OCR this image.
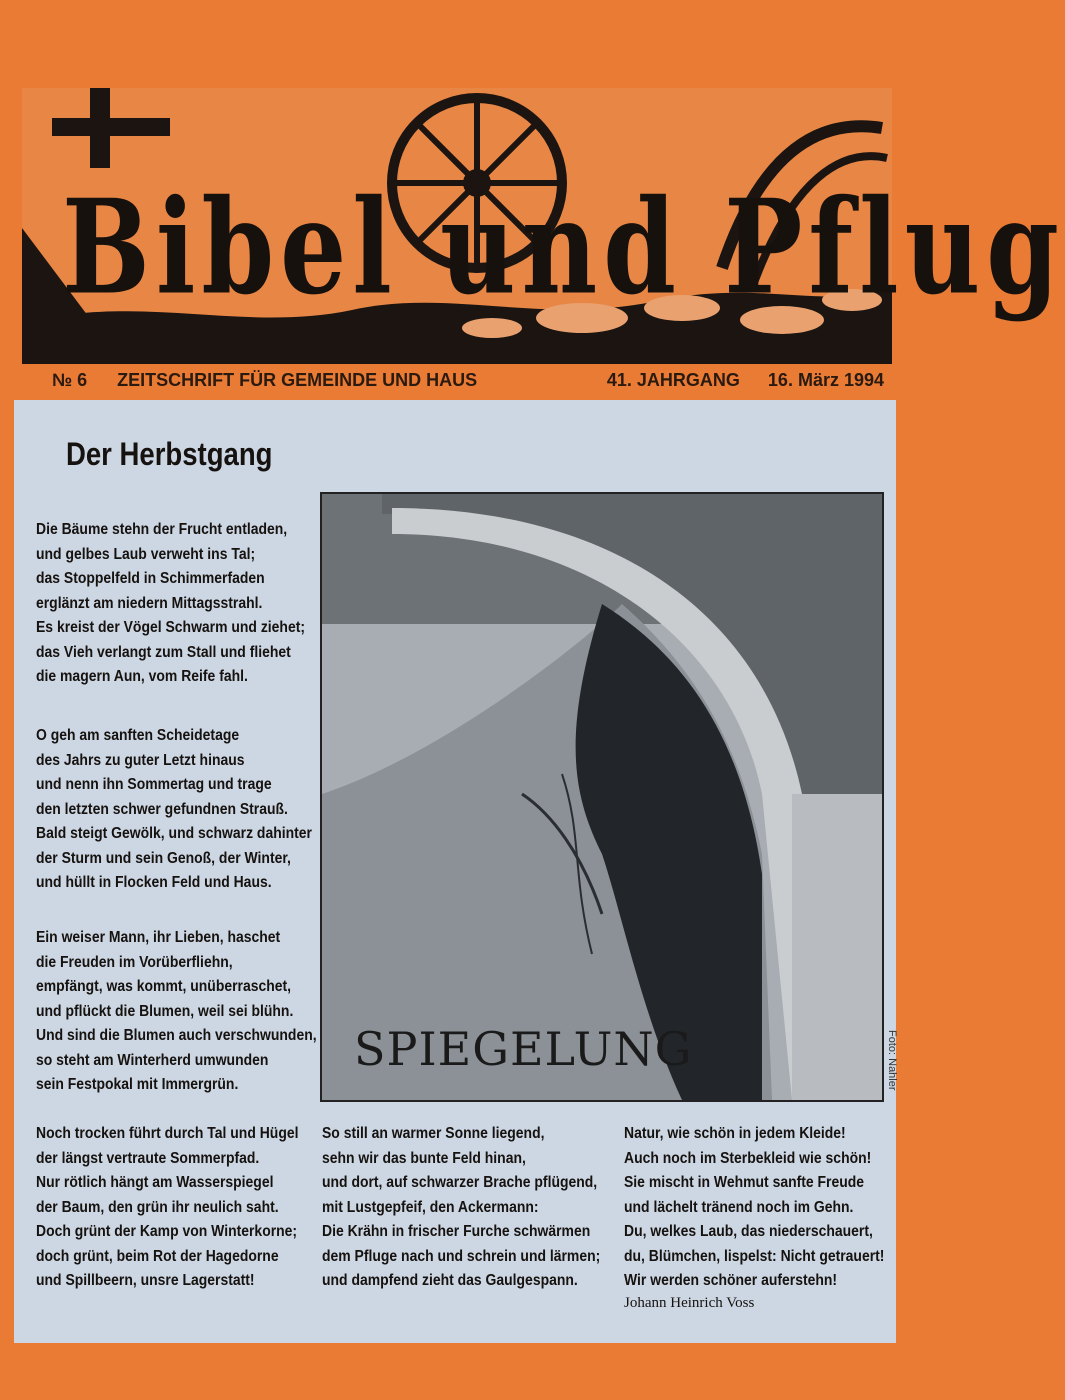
Bibel und Pflug
№ 6 ZEITSCHRIFT FÜR GEMEINDE UND HAUS	41. JAHRGANG 16. März 1994
Der Herbstgang
Die Bäume stehn der Frucht entladen,
und gelbes Laub verweht ins Tal;
das Stoppelfeld in Schimmerfaden
erglänzt am niedern Mittagsstrahl.
Es kreist der Vögel Schwarm und ziehet;
das Vieh verlangt zum Stall und fliehet
die magern Aun, vom Reife fahl.
O geh am sanften Scheidetage
des Jahrs zu guter Letzt hinaus
und nenn ihn Sommertag und trage
den letzten schwer gefundnen Strauß.
Bald steigt Gewölk, und schwarz dahinter
der Sturm und sein Genoß, der Winter,
und hüllt in Flocken Feld und Haus.
Ein weiser Mann, ihr Lieben, haschet
die Freuden im Vorüberfliehn,
empfängt, was kommt, unüberraschet,
und pflückt die Blumen, weil sei blühn.
Und sind die Blumen auch verschwunden,
so steht am Winterherd umwunden
sein Festpokal mit Immergrün.
SPIEGELUNG
Noch trocken führt durch Tal und Hügel
der längst vertraute Sommerpfad.
Nur rötlich hängt am Wasserspiegel
der Baum, den grün ihr neulich saht.
Doch grünt der Kamp von Winterkorne;
doch grünt, beim Rot der Hagedorne
und Spillbeern, unsre Lagerstatt!
So still an warmer Sonne liegend,
sehn wir das bunte Feld hinan,
und dort, auf schwarzer Brache pflügend,
mit Lustgepfeif, den Ackermann:
Die Krähn in frischer Furche schwärmen
dem Pfluge nach und schrein und lärmen;
und dampfend zieht das Gaulgespann.
Natur, wie schön in jedem Kleide!
Auch noch im Sterbekleid wie schön!
Sie mischt in Wehmut sanfte Freude
und lächelt tränend noch im Gehn.
Du, welkes Laub, das niederschauert,
du, Blümchen, lispelst: Nicht getrauert!
Wir werden schöner auferstehn!
Johann Heinrich Voss
Foto: Nahler
